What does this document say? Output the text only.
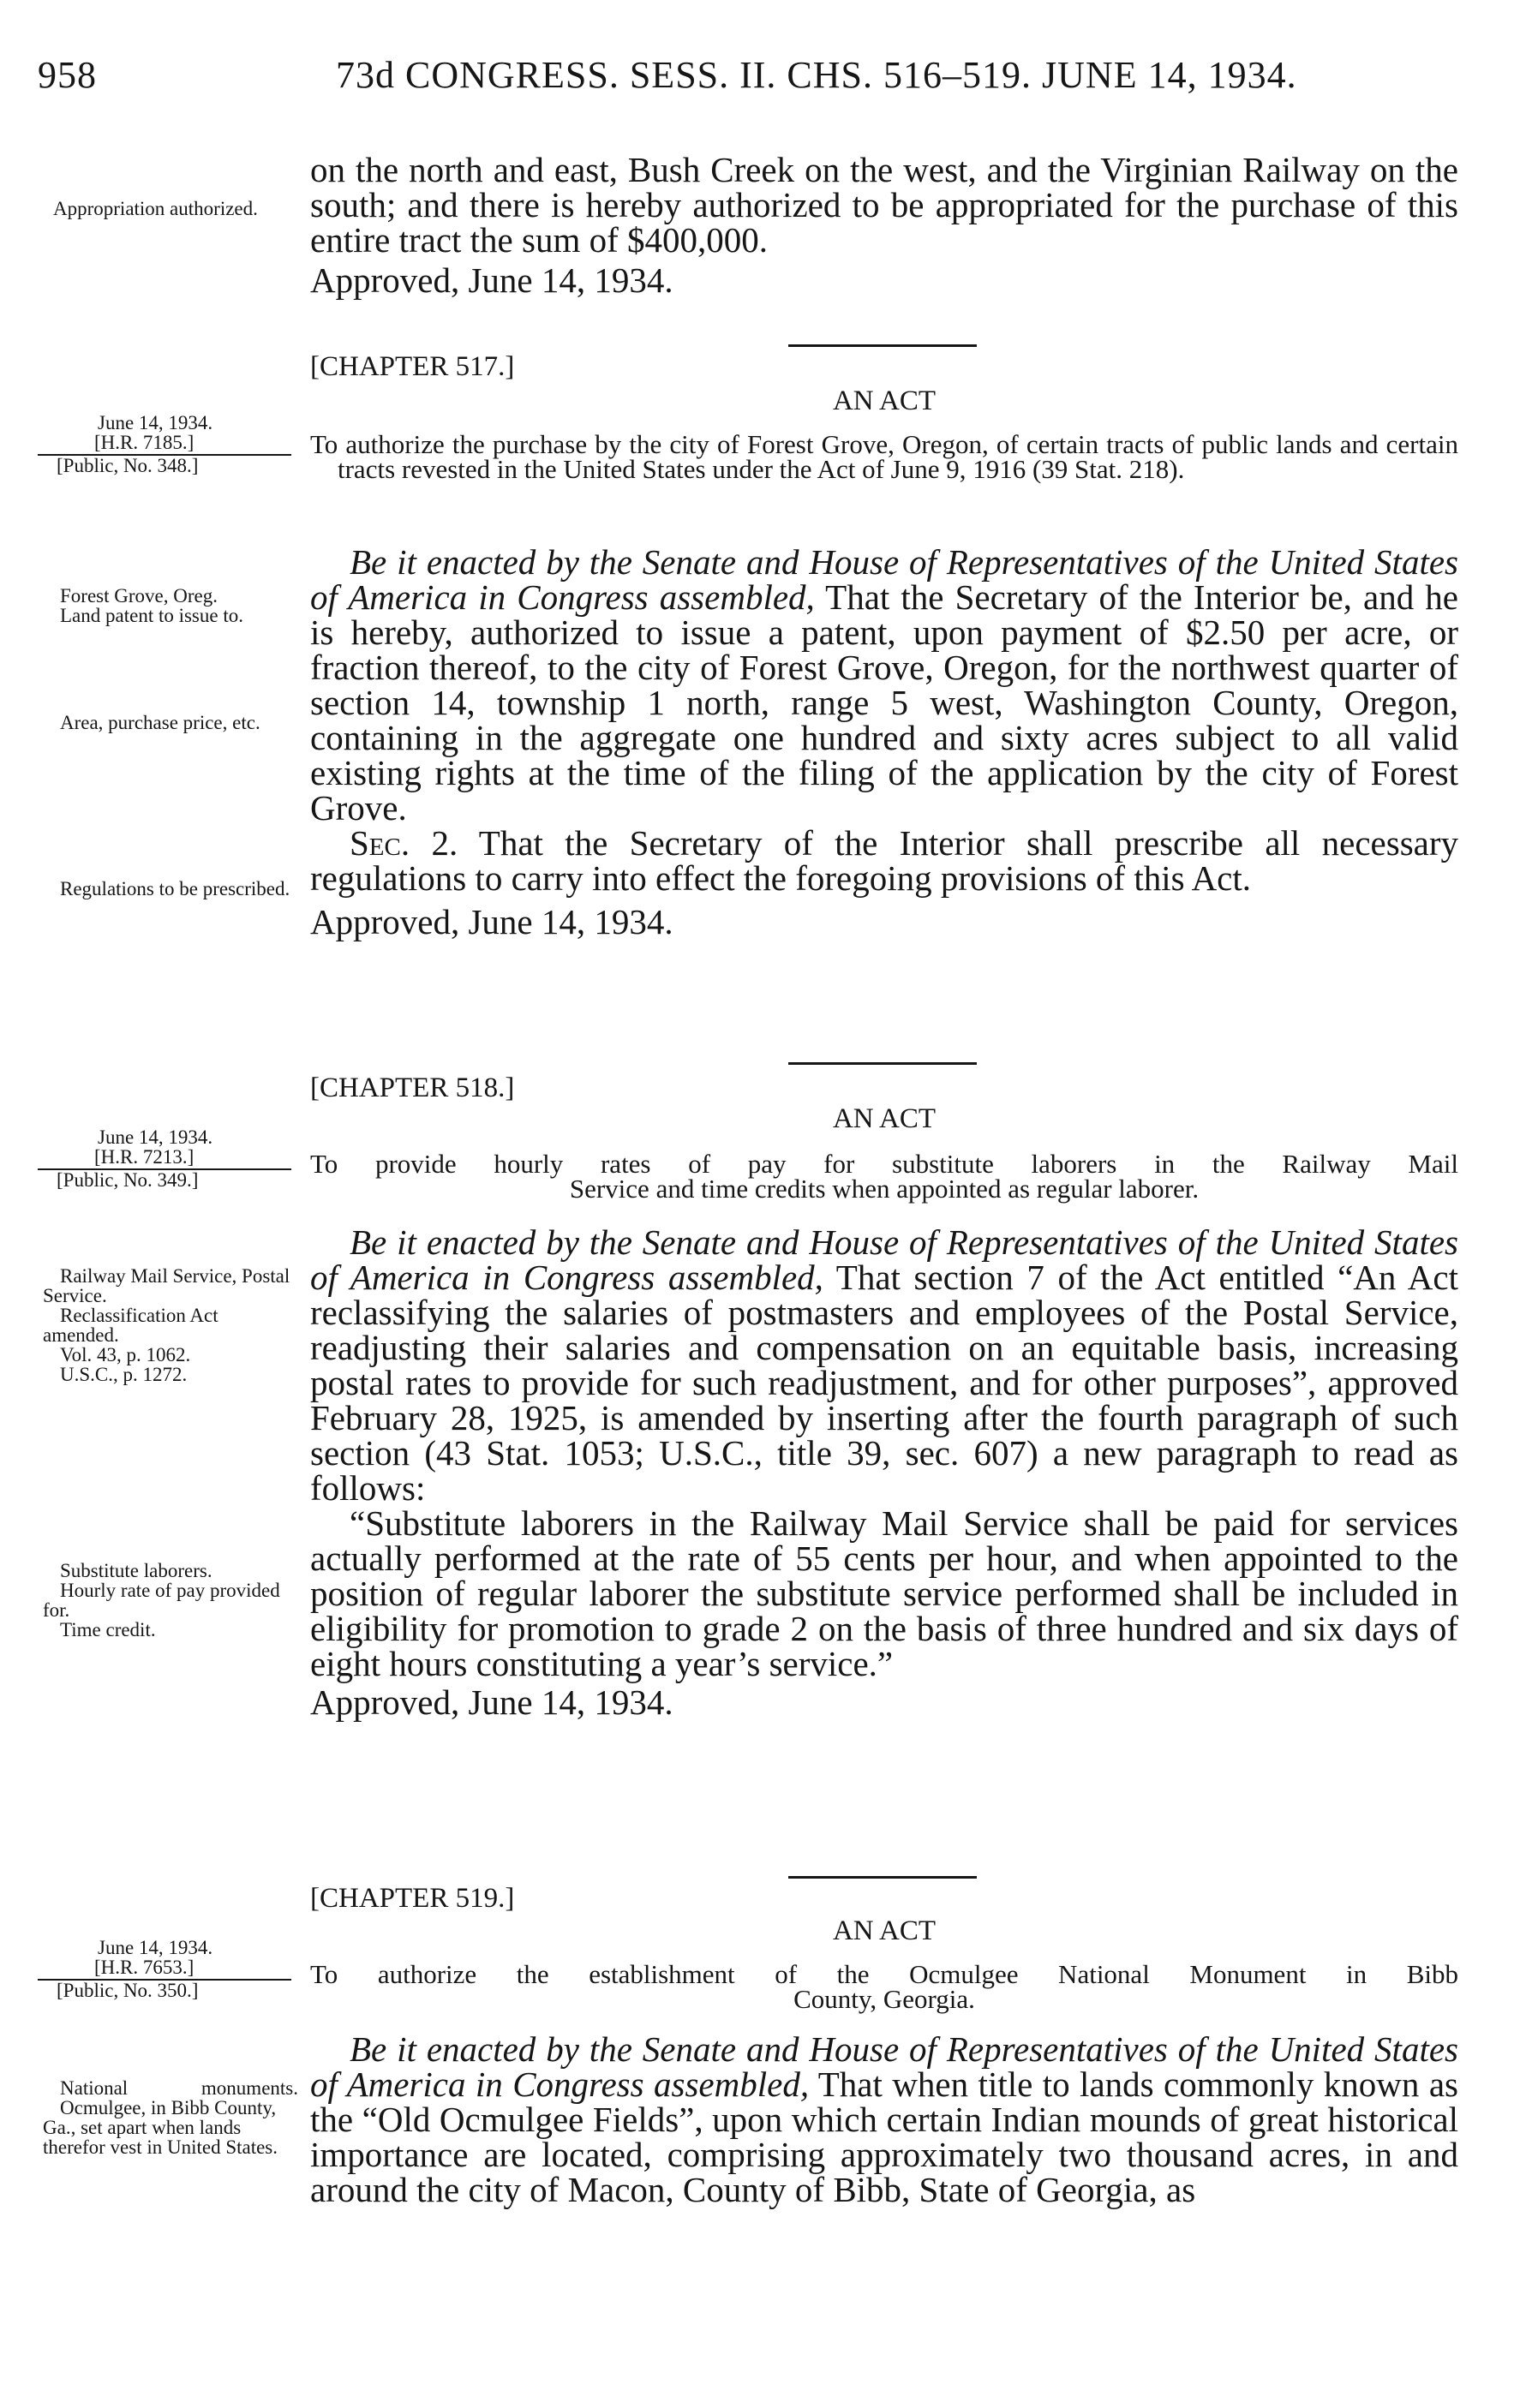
958	73d CONGRESS. SESS. II. CHS. 516–519. JUNE 14, 1934.
Appropriation authorized.

on the north and east, Bush Creek on the west, and the Virginian Railway on the south; and there is hereby authorized to be appropriated for the purchase of this entire tract the sum of $400,000.

Approved, June 14, 1934.

[CHAPTER 517.]
AN ACT
June 14, 1934.
[H.R. 7185.]
[Public, No. 348.]
To authorize the purchase by the city of Forest Grove, Oregon, of certain tracts of public lands and certain tracts revested in the United States under the Act of June 9, 1916 (39 Stat. 218).
Forest Grove, Oreg.
Land patent to issue to.
Area, purchase price, etc.
Regulations to be prescribed.

Be it enacted by the Senate and House of Representatives of the United States of America in Congress assembled, That the Secretary of the Interior be, and he is hereby, authorized to issue a patent, upon payment of $2.50 per acre, or fraction thereof, to the city of Forest Grove, Oregon, for the northwest quarter of section 14, township 1 north, range 5 west, Washington County, Oregon, containing in the aggregate one hundred and sixty acres subject to all valid existing rights at the time of the filing of the application by the city of Forest Grove.

Sec. 2. That the Secretary of the Interior shall prescribe all necessary regulations to carry into effect the foregoing provisions of this Act.

Approved, June 14, 1934.

[CHAPTER 518.]
AN ACT
June 14, 1934.
[H.R. 7213.]
[Public, No. 349.]
To provide hourly rates of pay for substitute laborers in the Railway Mail
Service and time credits when appointed as regular laborer.
Railway Mail Service, Postal Service.
Reclassification Act amended.
Vol. 43, p. 1062.
U.S.C., p. 1272.
Substitute laborers.
Hourly rate of pay provided for.
Time credit.

Be it enacted by the Senate and House of Representatives of the United States of America in Congress assembled, That section 7 of the Act entitled “An Act reclassifying the salaries of postmasters and employees of the Postal Service, readjusting their salaries and compensation on an equitable basis, increasing postal rates to provide for such readjustment, and for other purposes”, approved February 28, 1925, is amended by inserting after the fourth paragraph of such section (43 Stat. 1053; U.S.C., title 39, sec. 607) a new paragraph to read as follows:

“Substitute laborers in the Railway Mail Service shall be paid for services actually performed at the rate of 55 cents per hour, and when appointed to the position of regular laborer the substitute service performed shall be included in eligibility for promotion to grade 2 on the basis of three hundred and six days of eight hours constituting a year’s service.”

Approved, June 14, 1934.

[CHAPTER 519.]
AN ACT
June 14, 1934.
[H.R. 7653.]
[Public, No. 350.]
To authorize the establishment of the Ocmulgee National Monument in Bibb
County, Georgia.
National monuments.
Ocmulgee, in Bibb County, Ga., set apart when lands therefor vest in United States.

Be it enacted by the Senate and House of Representatives of the United States of America in Congress assembled, That when title to lands commonly known as the “Old Ocmulgee Fields”, upon which certain Indian mounds of great historical importance are located, comprising approximately two thousand acres, in and around the city of Macon, County of Bibb, State of Georgia, as
